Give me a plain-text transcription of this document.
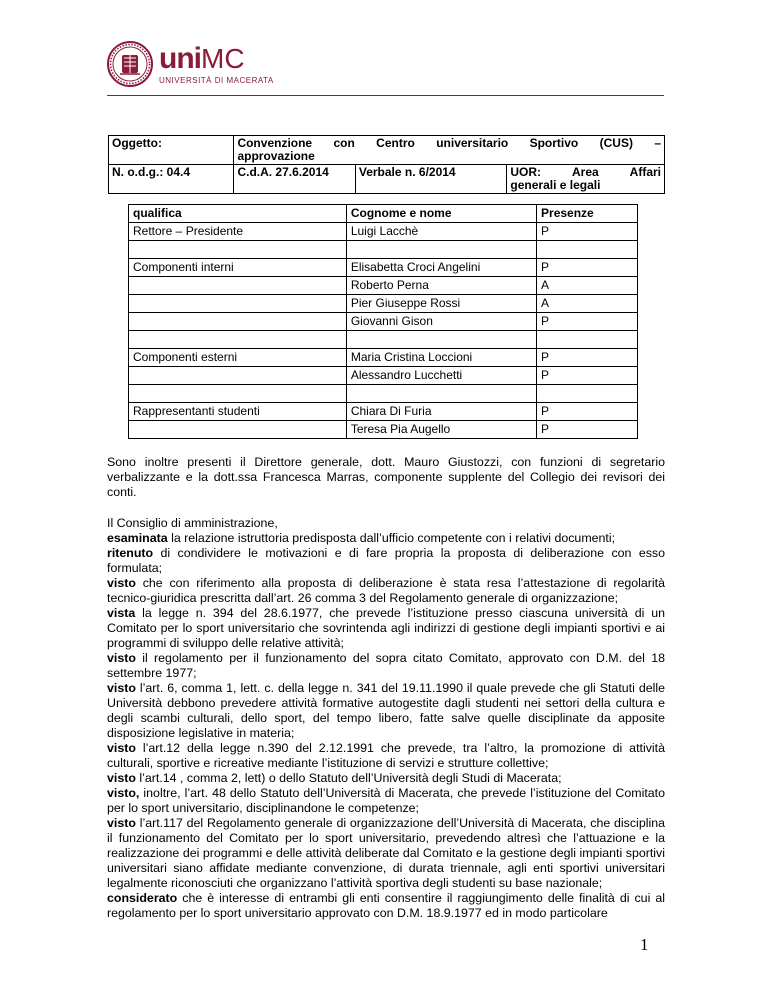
uni MC
UNIVERSITÀ DI MACERATA
Oggetto:	Convenzione con Centro universitario Sportivo (CUS) –
approvazione		

N. o.d.g.: 04.4	C.d.A. 27.6.2014	Verbale n. 6/2014	UOR: Area Affari
generali e legali
qualifica	Cognome e nome	Presenze
Rettore – Presidente	Luigi Lacchè	P

Componenti interni	Elisabetta Croci Angelini	P
	Roberto Perna	A
	Pier Giuseppe Rossi	A
	Giovanni Gison	P

Componenti esterni	Maria Cristina Loccioni	P
	Alessandro Lucchetti	P

Rappresentanti studenti	Chiara Di Furia	P
	Teresa Pia Augello	P

Sono inoltre presenti il Direttore generale, dott. Mauro Giustozzi, con funzioni di segretario verbalizzante e la dott.ssa Francesca Marras, componente supplente del Collegio dei revisori dei conti.

Il Consiglio di amministrazione,
esaminata la relazione istruttoria predisposta dall’ufficio competente con i relativi documenti;
ritenuto di condividere le motivazioni e di fare propria la proposta di deliberazione con esso formulata;
visto che con riferimento alla proposta di deliberazione è stata resa l’attestazione di regolarità tecnico-giuridica prescritta dall’art. 26 comma 3 del Regolamento generale di organizzazione;
vista la legge n. 394 del 28.6.1977, che prevede l’istituzione presso ciascuna università di un Comitato per lo sport universitario che sovrintenda agli indirizzi di gestione degli impianti sportivi e ai programmi di sviluppo delle relative attività;
visto il regolamento per il funzionamento del sopra citato Comitato, approvato con D.M. del 18 settembre 1977;
visto l’art. 6, comma 1, lett. c. della legge n. 341 del 19.11.1990 il quale prevede che gli Statuti delle Università debbono prevedere attività formative autogestite dagli studenti nei settori della cultura e degli scambi culturali, dello sport, del tempo libero, fatte salve quelle disciplinate da apposite disposizione legislative in materia;
visto l’art.12 della legge n.390 del 2.12.1991 che prevede, tra l’altro, la promozione di attività culturali, sportive e ricreative mediante l’istituzione di servizi e strutture collettive;
visto l’art.14 , comma 2, lett) o dello Statuto dell’Università degli Studi di Macerata;
visto, inoltre, l’art. 48 dello Statuto dell’Università di Macerata, che prevede l’istituzione del Comitato per lo sport universitario, disciplinandone le competenze;
visto l’art.117 del Regolamento generale di organizzazione dell’Università di Macerata, che disciplina il funzionamento del Comitato per lo sport universitario, prevedendo altresì che l’attuazione e la realizzazione dei programmi e delle attività deliberate dal Comitato e la gestione degli impianti sportivi universitari siano affidate mediante convenzione, di durata triennale, agli enti sportivi universitari legalmente riconosciuti che organizzano l’attività sportiva degli studenti su base nazionale;
considerato che è interesse di entrambi gli enti consentire il raggiungimento delle finalità di cui al regolamento per lo sport universitario approvato con D.M. 18.9.1977 ed in modo particolare
1
